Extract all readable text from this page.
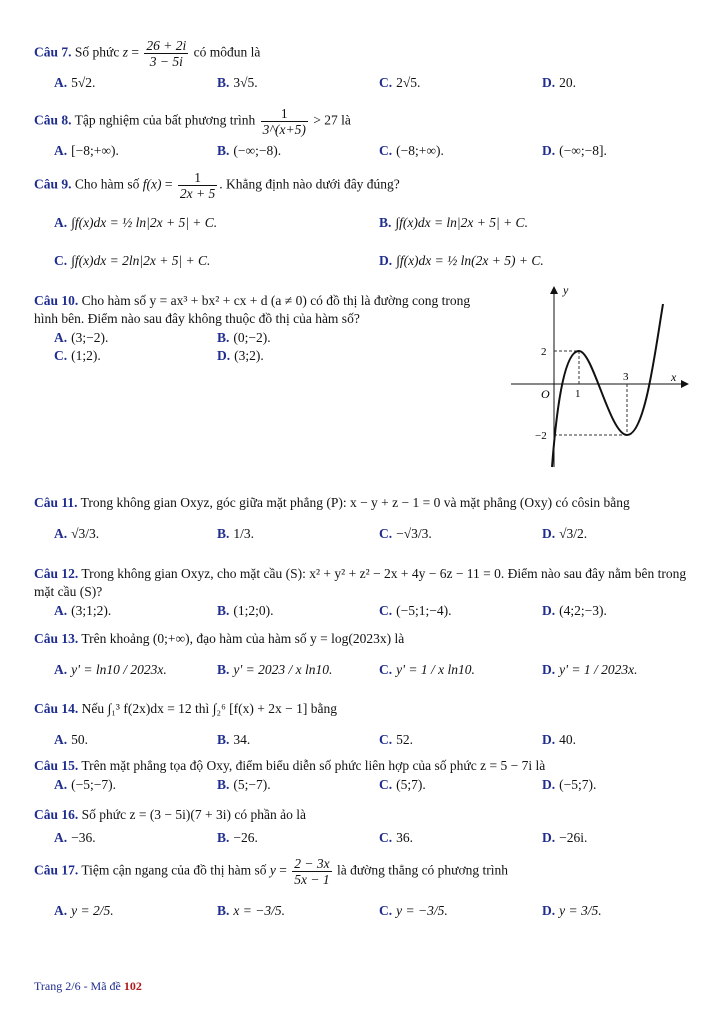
Câu 7. Số phức $z = \frac{26 + 2i}{3 - 5i}$ có môđun là
A. 5√2.	B. 3√5.	C. 2√5.	D. 20.
Câu 8. Tập nghiệm của bất phương trình $\frac{1}{3\^{}(x+5)} > 27$ là
A. [−8;+∞).	B. (−∞;−8).	C. (−8;+∞).	D. (−∞;−8].
Câu 9. Cho hàm số $f(x) = \frac{1}{2x + 5}$ . Khẳng định nào dưới đây đúng?
A. ∫f(x)dx = ½ ln|2x + 5| + C.	B. ∫f(x)dx = ln|2x + 5| + C.
C. ∫f(x)dx = 2ln|2x + 5| + C.	D. ∫f(x)dx = ½ ln(2x + 5) + C.
Câu 10. Cho hàm số y = ax³ + bx² + cx + d (a ≠ 0) có đồ thị là đường cong trong hình bên. Điểm nào sau đây không thuộc đồ thị của hàm số?
A. (3;−2).	B. (0;−2).
C. (1;2).	D. (3;2).
y
x
O 1
3
2
−2
Câu 11. Trong không gian Oxyz, góc giữa mặt phẳng (P): x − y + z − 1 = 0 và mặt phẳng (Oxy) có côsin bằng
A. √3/3.	B. 1/3.	C. −√3/3.	D. √3/2.
Câu 12. Trong không gian Oxyz, cho mặt cầu (S): x² + y² + z² − 2x + 4y − 6z − 11 = 0. Điểm nào sau đây nằm bên trong mặt cầu (S)?
A. (3;1;2).	B. (1;2;0).	C. (−5;1;−4).	D. (4;2;−3).
Câu 13. Trên khoảng (0;+∞), đạo hàm của hàm số y = log(2023x) là
A. y' = ln10 / 2023x.	B. y' = 2023 / x ln10.	C. y' = 1 / x ln10.	D. y' = 1 / 2023x.
Câu 14. Nếu ∫₁³ f(2x)dx = 12 thì ∫₂⁶ [f(x) + 2x − 1] bằng
A. 50.	B. 34.	C. 52.	D. 40.
Câu 15. Trên mặt phẳng tọa độ Oxy, điểm biểu diễn số phức liên hợp của số phức z = 5 − 7i là
A. (−5;−7).	B. (5;−7).	C. (5;7).	D. (−5;7).
Câu 16. Số phức z = (3 − 5i)(7 + 3i) có phần ảo là
A. −36.	B. −26.	C. 36.	D. −26i.
Câu 17. Tiệm cận ngang của đồ thị hàm số $y = \frac{2 - 3x}{5x - 1}$ là đường thẳng có phương trình
A. y = 2/5.	B. x = −3/5.	C. y = −3/5.	D. y = 3/5.
Trang 2/6 - Mã đề 102
